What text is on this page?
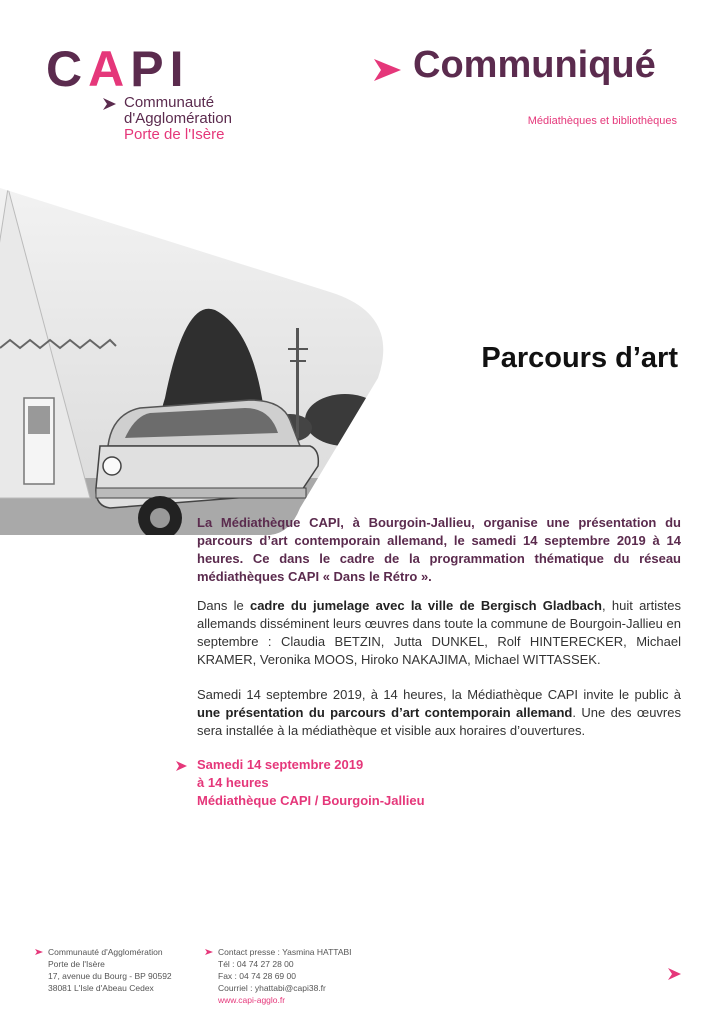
CAPI
Communauté
d'Agglomération
Porte de l'Isère
Communiqué
Médiathèques et bibliothèques
Parcours d’art
La Médiathèque CAPI, à Bourgoin-Jallieu, organise une présentation du parcours d’art contemporain allemand, le samedi 14 septembre 2019 à 14 heures. Ce dans le cadre de la programmation thématique du réseau médiathèques CAPI « Dans le Rétro ».
Dans le cadre du jumelage avec la ville de Bergisch Gladbach, huit artistes allemands disséminent leurs œuvres dans toute la commune de Bourgoin-Jallieu en septembre : Claudia BETZIN, Jutta DUNKEL, Rolf HINTERECKER, Michael KRAMER, Veronika MOOS, Hiroko NAKAJIMA, Michael WITTASSEK.
Samedi 14 septembre 2019, à 14 heures, la Médiathèque CAPI invite le public à une présentation du parcours d’art contemporain allemand. Une des œuvres sera installée à la médiathèque et visible aux horaires d’ouvertures.
Samedi 14 septembre 2019
à 14 heures
Médiathèque CAPI / Bourgoin-Jallieu
Communauté d'Agglomération
Porte de l'Isère
17, avenue du Bourg - BP 90592
38081 L'Isle d'Abeau Cedex
Contact presse : Yasmina HATTABI
Tél : 04 74 27 28 00
Fax : 04 74 28 69 00
Courriel : yhattabi@capi38.fr
www.capi-agglo.fr
